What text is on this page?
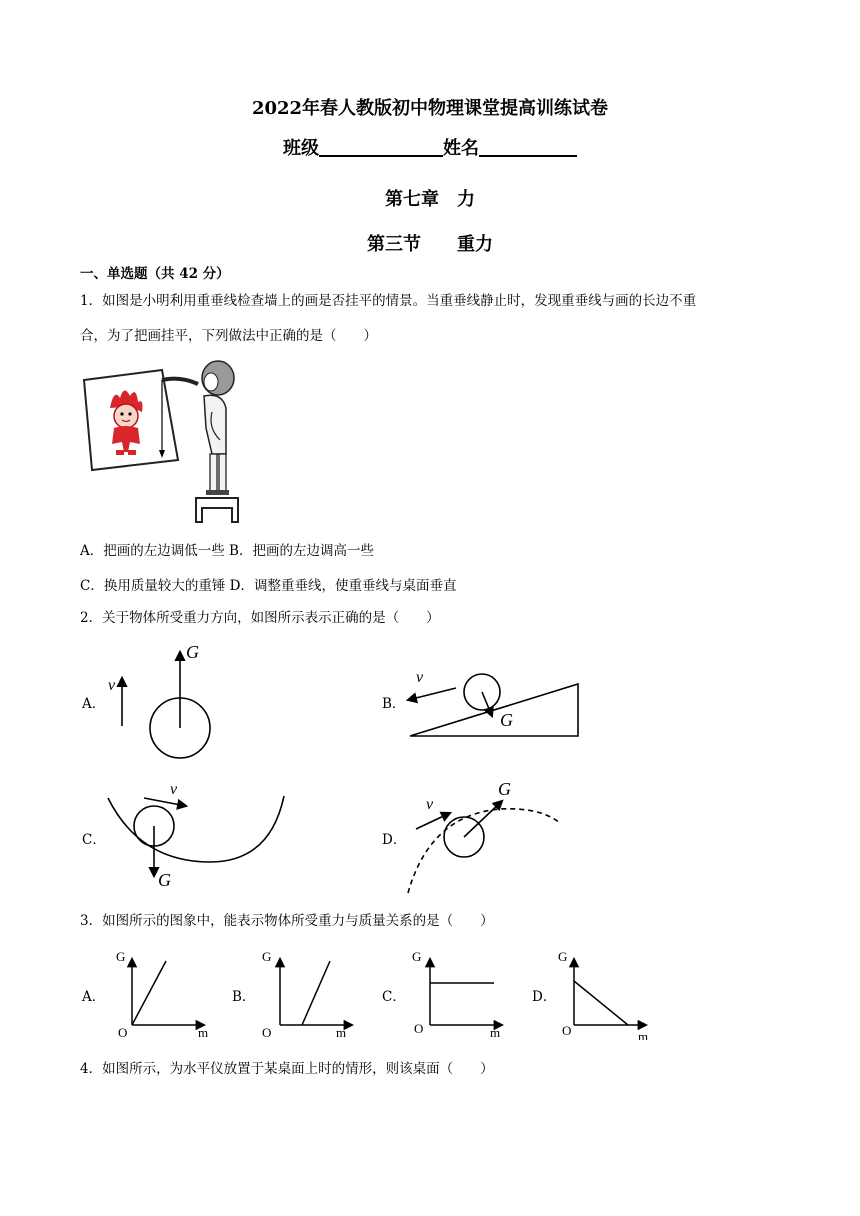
2022年春人教版初中物理课堂提高训练试卷
班级	姓名
第七章　力
第三节　　重力
一、单选题（共 42 分）
1．如图是小明利用重垂线检查墙上的画是否挂平的情景。当重垂线静止时，发现重垂线与画的长边不重
合，为了把画挂平，下列做法中正确的是（　　）
A．把画的左边调低一些 B．把画的左边调高一些
C．换用质量较大的重锤 D．调整重垂线，使重垂线与桌面垂直
2．关于物体所受重力方向，如图所示表示正确的是（　　）
A．
G
v
B．
G
v
C．
G
v
D．
G
v
3．如图所示的图象中，能表示物体所受重力与质量关系的是（　　）
A．
G
O	m
B．
G
O	m
C．
G
O	m
D．
G
O	m
4．如图所示，为水平仪放置于某桌面上时的情形，则该桌面（　　）
